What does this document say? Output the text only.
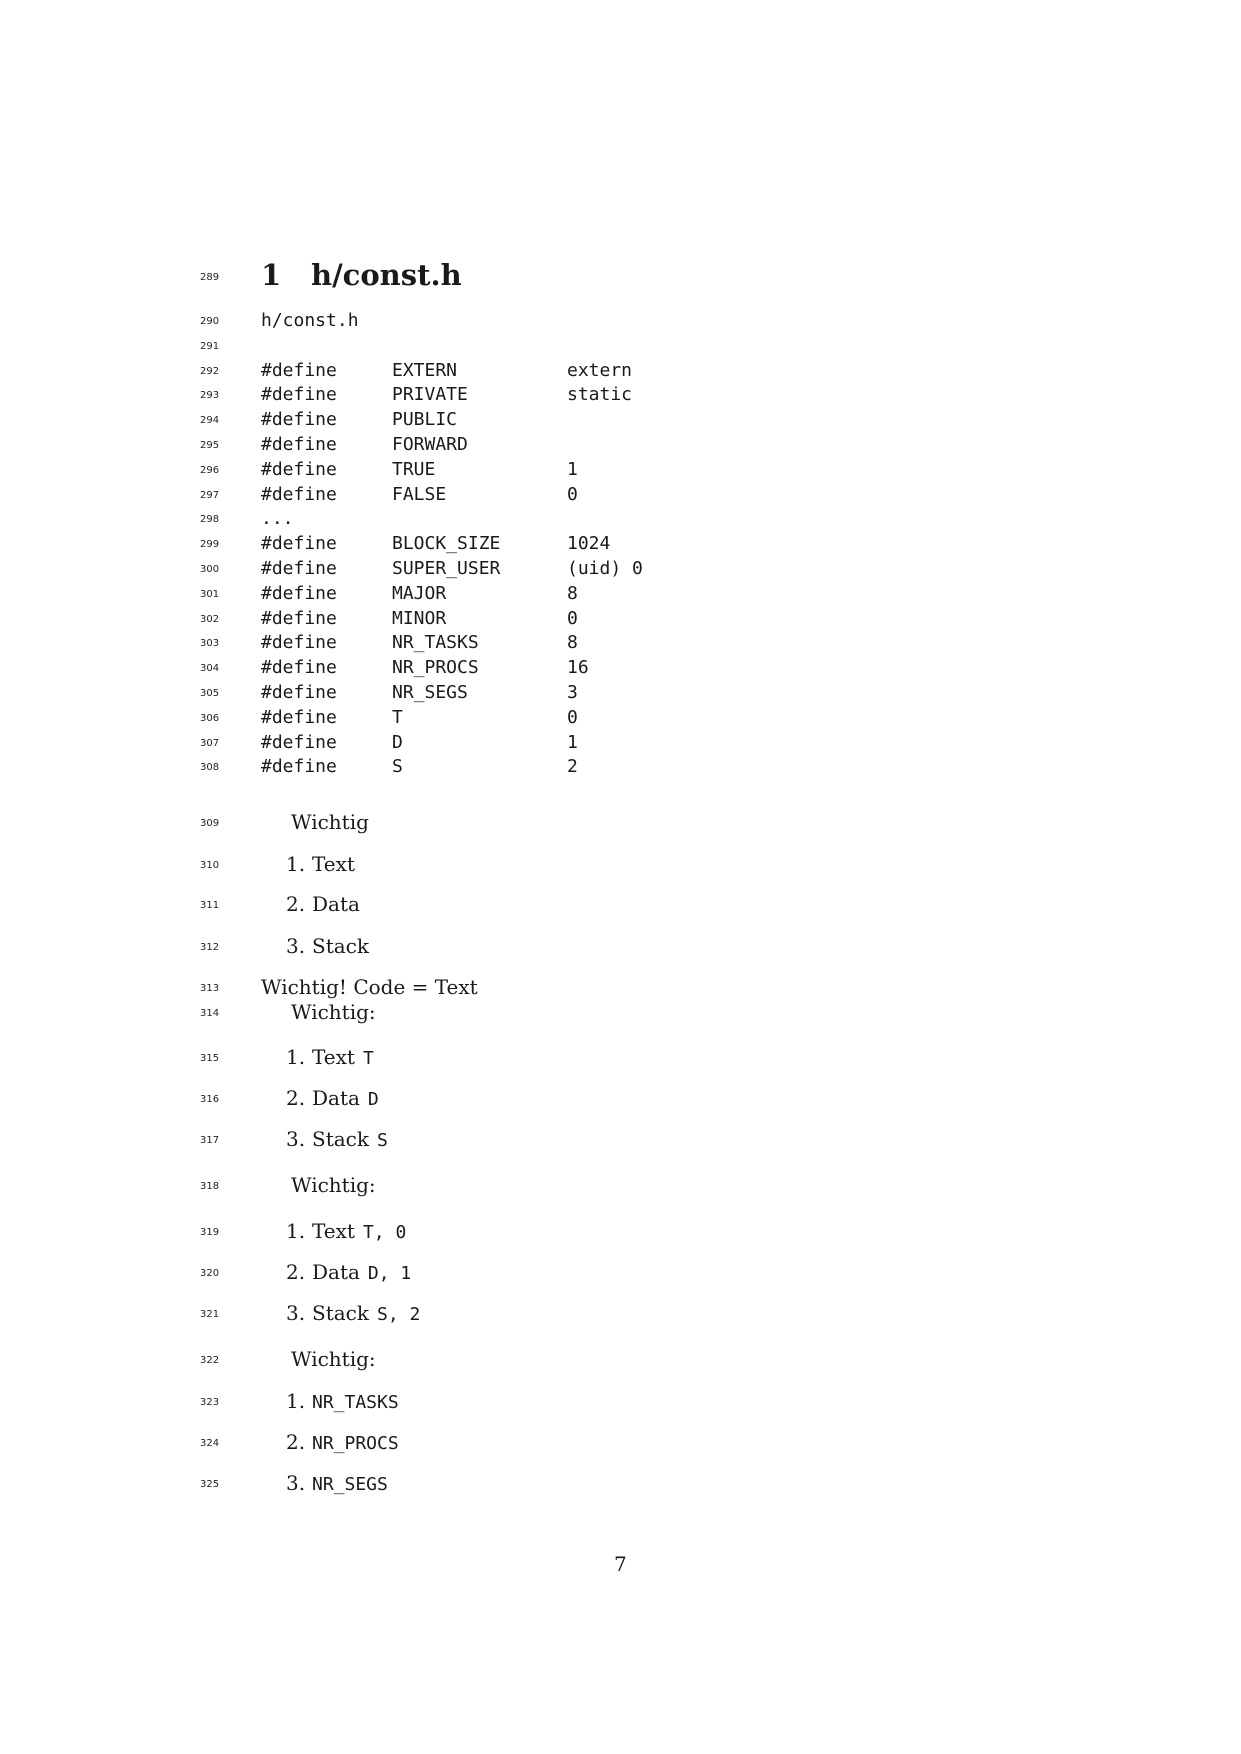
289	1 h/const.h
290	h/const.h
291
292	#define	EXTERN	extern
293	#define	PRIVATE	static
294	#define	PUBLIC
295	#define	FORWARD
296	#define	TRUE	1
297	#define	FALSE	0
298	...
299	#define	BLOCK_SIZE	1024
300	#define	SUPER_USER	(uid) 0
301	#define	MAJOR	8
302	#define	MINOR	0
303	#define	NR_TASKS	8
304	#define	NR_PROCS	16
305	#define	NR_SEGS	3
306	#define	T	0
307	#define	D	1
308	#define	S	2
309	Wichtig
310	1. Text
311	2. Data
312	3. Stack
313	Wichtig! Code = Text
314	Wichtig:
315	1. Text T
316	2. Data D
317	3. Stack S
318	Wichtig:
319	1. Text T, 0
320	2. Data D, 1
321	3. Stack S, 2
322	Wichtig:
323	1. NR_TASKS
324	2. NR_PROCS
325	3. NR_SEGS
7
